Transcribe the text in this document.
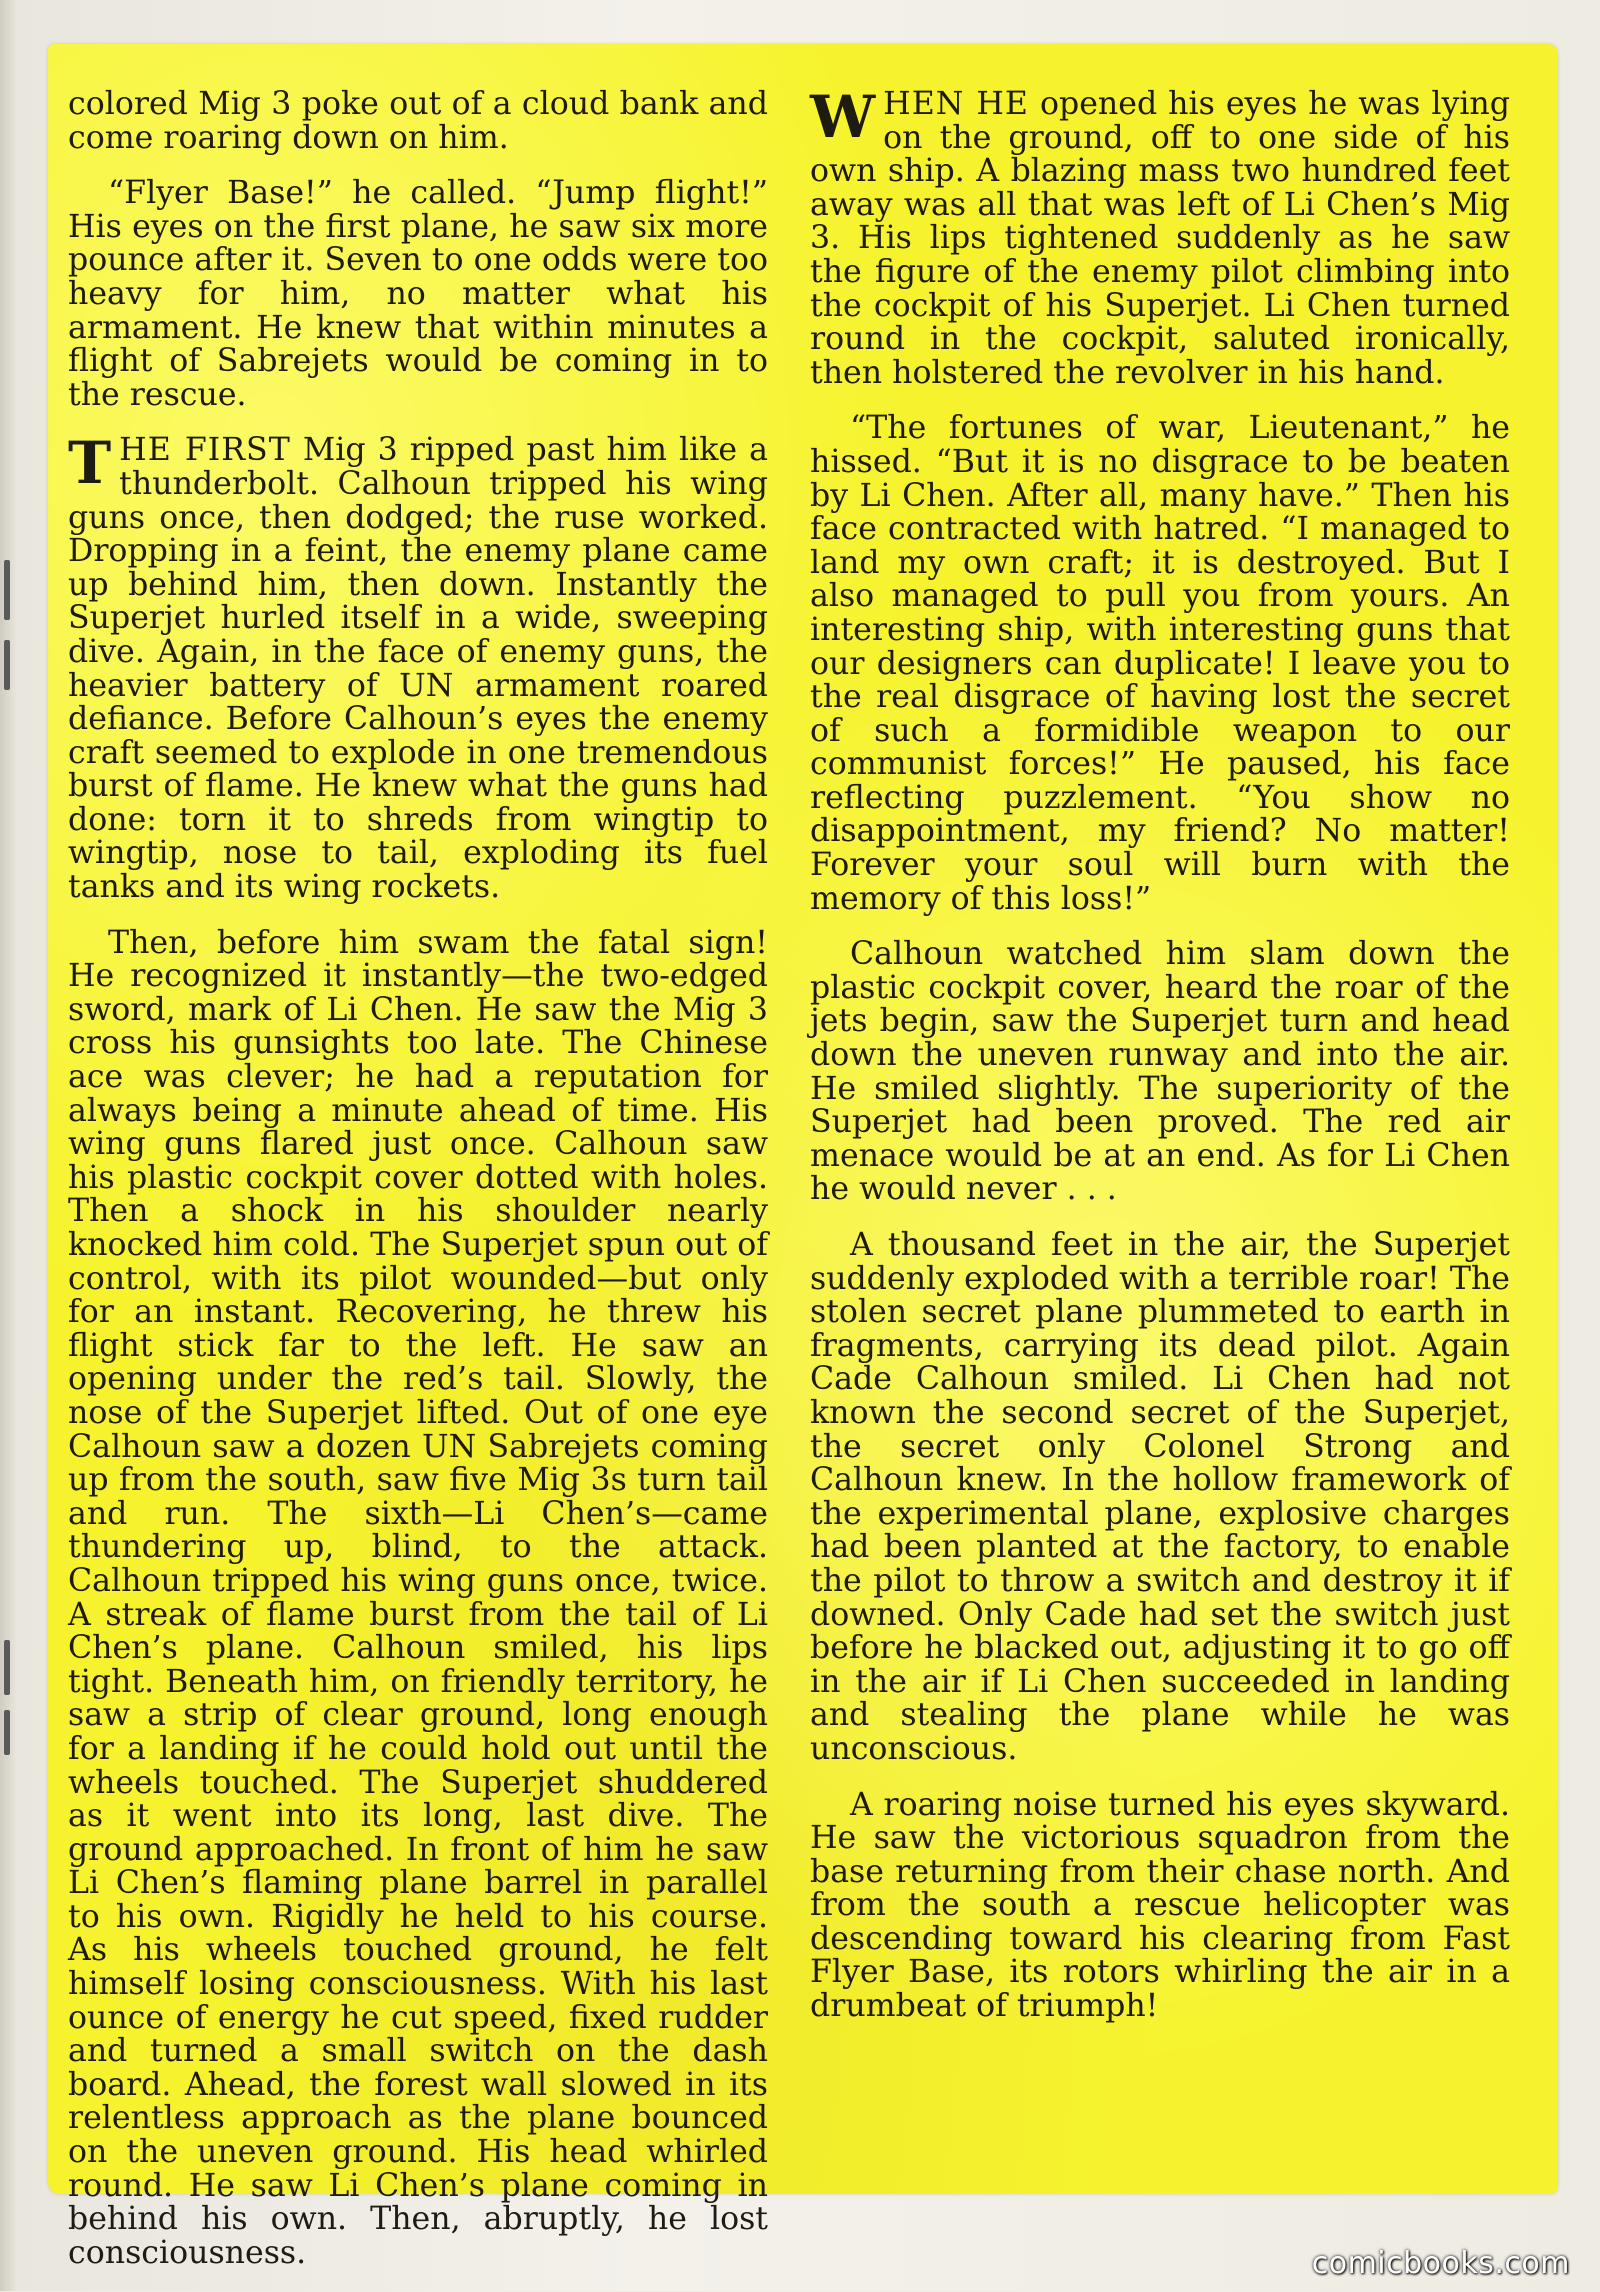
colored Mig 3 poke out of a cloud bank and come roaring down on him.

“Flyer Base!” he called. “Jump flight!” His eyes on the first plane, he saw six more pounce after it. Seven to one odds were too heavy for him, no matter what his armament. He knew that within minutes a flight of Sabrejets would be coming in to the rescue.

THE FIRST Mig 3 ripped past him like a thunderbolt. Calhoun tripped his wing guns once, then dodged; the ruse worked. Dropping in a feint, the enemy plane came up behind him, then down. Instantly the Superjet hurled itself in a wide, sweeping dive. Again, in the face of enemy guns, the heavier battery of UN armament roared defiance. Before Calhoun’s eyes the enemy craft seemed to explode in one tremendous burst of flame. He knew what the guns had done: torn it to shreds from wingtip to wingtip, nose to tail, exploding its fuel tanks and its wing rockets.

Then, before him swam the fatal sign! He recognized it instantly—the two-edged sword, mark of Li Chen. He saw the Mig 3 cross his gunsights too late. The Chinese ace was clever; he had a reputation for always being a minute ahead of time. His wing guns flared just once. Calhoun saw his plastic cockpit cover dotted with holes. Then a shock in his shoulder nearly knocked him cold. The Superjet spun out of control, with its pilot wounded—but only for an instant. Recovering, he threw his flight stick far to the left. He saw an opening under the red’s tail. Slowly, the nose of the Superjet lifted. Out of one eye Calhoun saw a dozen UN Sabrejets coming up from the south, saw five Mig 3s turn tail and run. The sixth—Li Chen’s—came thundering up, blind, to the attack. Calhoun tripped his wing guns once, twice. A streak of flame burst from the tail of Li Chen’s plane. Calhoun smiled, his lips tight. Beneath him, on friendly territory, he saw a strip of clear ground, long enough for a landing if he could hold out until the wheels touched. The Superjet shuddered as it went into its long, last dive. The ground approached. In front of him he saw Li Chen’s flaming plane barrel in parallel to his own. Rigidly he held to his course. As his wheels touched ground, he felt himself losing consciousness. With his last ounce of energy he cut speed, fixed rudder and turned a small switch on the dash board. Ahead, the forest wall slowed in its relentless approach as the plane bounced on the uneven ground. His head whirled round. He saw Li Chen’s plane coming in behind his own. Then, abruptly, he lost consciousness.

WHEN HE opened his eyes he was lying on the ground, off to one side of his own ship. A blazing mass two hundred feet away was all that was left of Li Chen’s Mig 3. His lips tightened suddenly as he saw the figure of the enemy pilot climbing into the cockpit of his Superjet. Li Chen turned round in the cockpit, saluted ironically, then holstered the revolver in his hand.

“The fortunes of war, Lieutenant,” he hissed. “But it is no disgrace to be beaten by Li Chen. After all, many have.” Then his face contracted with hatred. “I managed to land my own craft; it is destroyed. But I also managed to pull you from yours. An interesting ship, with interesting guns that our designers can duplicate! I leave you to the real disgrace of having lost the secret of such a formidible weapon to our communist forces!” He paused, his face reflecting puzzlement. “You show no disappointment, my friend? No matter! Forever your soul will burn with the memory of this loss!”

Calhoun watched him slam down the plastic cockpit cover, heard the roar of the jets begin, saw the Superjet turn and head down the uneven runway and into the air. He smiled slightly. The superiority of the Superjet had been proved. The red air menace would be at an end. As for Li Chen he would never . . .

A thousand feet in the air, the Superjet suddenly exploded with a terrible roar! The stolen secret plane plummeted to earth in fragments, carrying its dead pilot. Again Cade Calhoun smiled. Li Chen had not known the second secret of the Superjet, the secret only Colonel Strong and Calhoun knew. In the hollow framework of the experimental plane, explosive charges had been planted at the factory, to enable the pilot to throw a switch and destroy it if downed. Only Cade had set the switch just before he blacked out, adjusting it to go off in the air if Li Chen succeeded in landing and stealing the plane while he was unconscious.

A roaring noise turned his eyes skyward. He saw the victorious squadron from the base returning from their chase north. And from the south a rescue helicopter was descending toward his clearing from Fast Flyer Base, its rotors whirling the air in a drumbeat of triumph!

comicbooks.com
